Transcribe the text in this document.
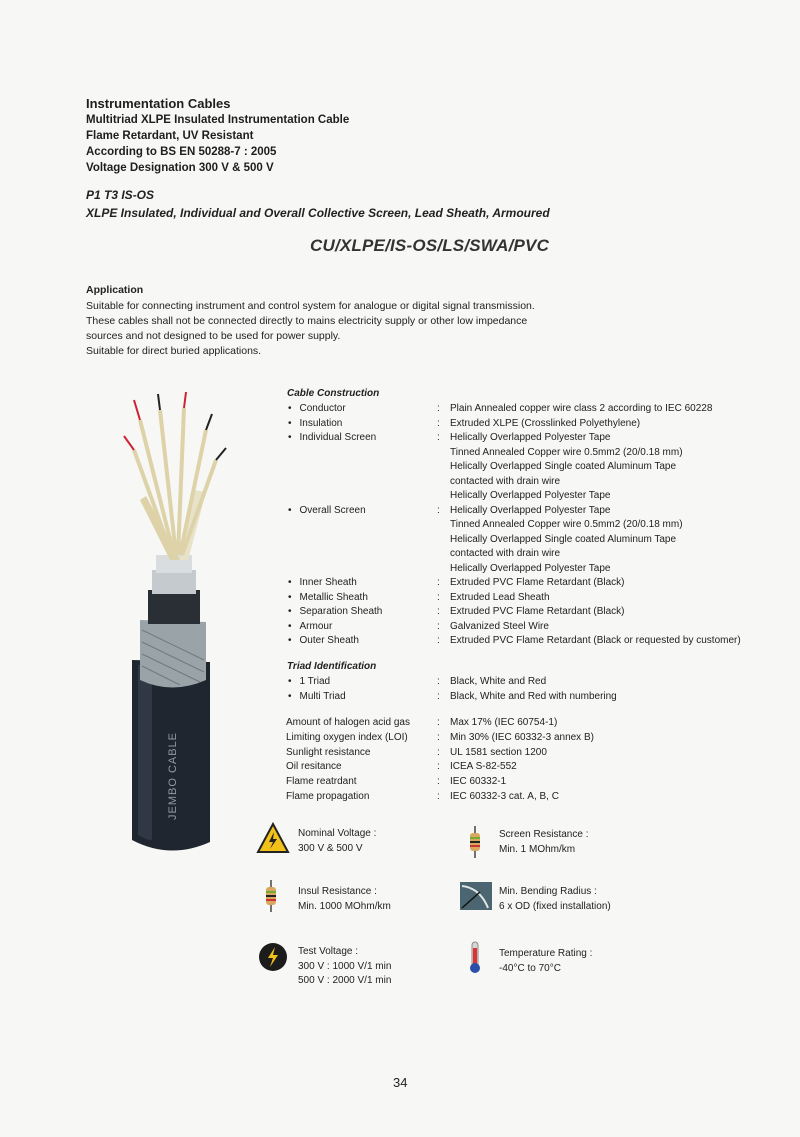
Instrumentation Cables
Multitriad XLPE Insulated Instrumentation Cable
Flame Retardant, UV Resistant
According to BS EN 50288-7 : 2005
Voltage Designation 300 V & 500 V
P1 T3 IS-OS
XLPE Insulated, Individual and Overall Collective Screen, Lead Sheath, Armoured
CU/XLPE/IS-OS/LS/SWA/PVC
Application
Suitable for connecting instrument and control system for analogue or digital signal transmission.
These cables shall not be connected directly to mains electricity supply or other low impedance
sources and not designed to be used for power supply.
Suitable for direct buried applications.
JEMBO CABLE
Cable Construction
• Conductor	:	Plain Annealed copper wire class 2 according to IEC 60228
• Insulation	:	Extruded XLPE (Crosslinked Polyethylene)
• Individual Screen	:	Helically Overlapped Polyester Tape
Tinned Annealed Copper wire 0.5mm2 (20/0.18 mm)
Helically Overlapped Single coated Aluminum Tape
contacted with drain wire
Helically Overlapped Polyester Tape
• Overall Screen	:	Helically Overlapped Polyester Tape
Tinned Annealed Copper wire 0.5mm2 (20/0.18 mm)
Helically Overlapped Single coated Aluminum Tape
contacted with drain wire
Helically Overlapped Polyester Tape
• Inner Sheath	:	Extruded PVC Flame Retardant (Black)
• Metallic Sheath	:	Extruded Lead Sheath
• Separation Sheath	:	Extruded PVC Flame Retardant (Black)
• Armour	:	Galvanized Steel Wire
• Outer Sheath	:	Extruded PVC Flame Retardant (Black or requested by customer)
Triad Identification
• 1 Triad	:	Black, White and Red
• Multi Triad	:	Black, White and Red with numbering
Amount of halogen acid gas	:	Max 17% (IEC 60754-1)
Limiting oxygen index (LOI)	:	Min 30% (IEC 60332-3 annex B)
Sunlight resistance	:	UL 1581 section 1200
Oil resitance	:	ICEA S-82-552
Flame reatrdant	:	IEC 60332-1
Flame propagation	:	IEC 60332-3 cat. A, B, C
Nominal Voltage :
300 V & 500 V
Screen Resistance :
Min. 1 MOhm/km
Insul Resistance :
Min. 1000 MOhm/km
Min. Bending Radius :
6 x OD (fixed installation)
Test Voltage :
300 V : 1000 V/1 min
500 V : 2000 V/1 min
Temperature Rating :
-40°C to 70°C
34
